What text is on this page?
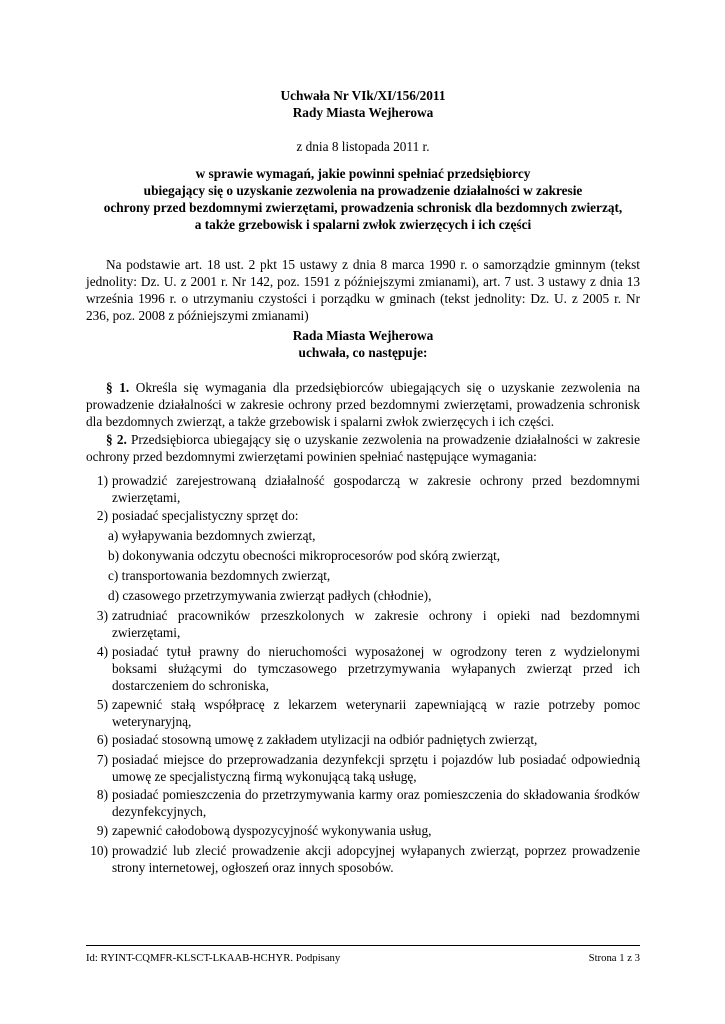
Uchwała Nr VIk/XI/156/2011
Rady Miasta Wejherowa
z dnia 8 listopada 2011 r.
w sprawie wymagań, jakie powinni spełniać przedsiębiorcy
ubiegający się o uzyskanie zezwolenia na prowadzenie działalności w zakresie
ochrony przed bezdomnymi zwierzętami, prowadzenia schronisk dla bezdomnych zwierząt,
a także grzebowisk i spalarni zwłok zwierzęcych i ich części
Na podstawie art. 18 ust. 2 pkt 15 ustawy z dnia 8 marca 1990 r. o samorządzie gminnym (tekst jednolity: Dz. U. z 2001 r. Nr 142, poz. 1591 z późniejszymi zmianami), art. 7 ust. 3 ustawy z dnia 13 września 1996 r. o utrzymaniu czystości i porządku w gminach (tekst jednolity: Dz. U. z 2005 r. Nr 236, poz. 2008 z późniejszymi zmianami)
Rada Miasta Wejherowa
uchwała, co następuje:
§ 1. Określa się wymagania dla przedsiębiorców ubiegających się o uzyskanie zezwolenia na prowadzenie działalności w zakresie ochrony przed bezdomnymi zwierzętami, prowadzenia schronisk dla bezdomnych zwierząt, a także grzebowisk i spalarni zwłok zwierzęcych i ich części.
§ 2. Przedsiębiorca ubiegający się o uzyskanie zezwolenia na prowadzenie działalności w zakresie ochrony przed bezdomnymi zwierzętami powinien spełniać następujące wymagania:
1) prowadzić zarejestrowaną działalność gospodarczą w zakresie ochrony przed bezdomnymi zwierzętami,
2) posiadać specjalistyczny sprzęt do:
a) wyłapywania bezdomnych zwierząt,
b) dokonywania odczytu obecności mikroprocesorów pod skórą zwierząt,
c) transportowania bezdomnych zwierząt,
d) czasowego przetrzymywania zwierząt padłych (chłodnie),
3) zatrudniać pracowników przeszkolonych w zakresie ochrony i opieki nad bezdomnymi zwierzętami,
4) posiadać tytuł prawny do nieruchomości wyposażonej w ogrodzony teren z wydzielonymi boksami służącymi do tymczasowego przetrzymywania wyłapanych zwierząt przed ich dostarczeniem do schroniska,
5) zapewnić stałą współpracę z lekarzem weterynarii zapewniającą w razie potrzeby pomoc weterynaryjną,
6) posiadać stosowną umowę z zakładem utylizacji na odbiór padniętych zwierząt,
7) posiadać miejsce do przeprowadzania dezynfekcji sprzętu i pojazdów lub posiadać odpowiednią umowę ze specjalistyczną firmą wykonującą taką usługę,
8) posiadać pomieszczenia do przetrzymywania karmy oraz pomieszczenia do składowania środków dezynfekcyjnych,
9) zapewnić całodobową dyspozycyjność wykonywania usług,
10) prowadzić lub zlecić prowadzenie akcji adopcyjnej wyłapanych zwierząt, poprzez prowadzenie strony internetowej, ogłoszeń oraz innych sposobów.
Id: RYINT-CQMFR-KLSCT-LKAAB-HCHYR. Podpisany	Strona 1 z 3
